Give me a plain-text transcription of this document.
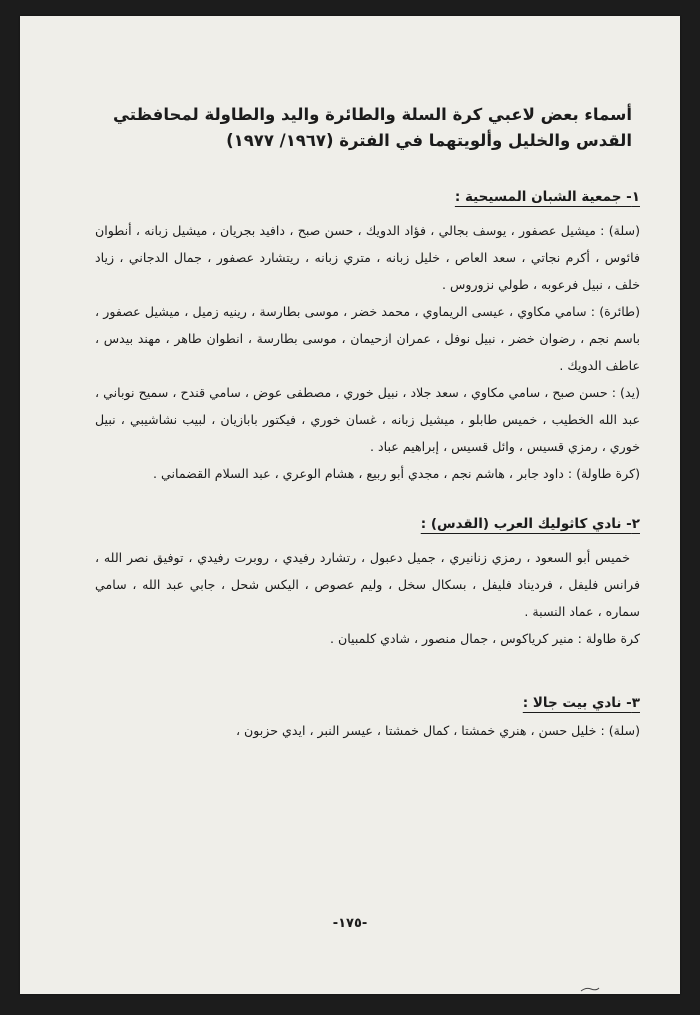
أسماء بعض لاعبي كرة السلة والطائرة واليد والطاولة لمحافظتي
القدس والخليل وألويتهما في الفترة (١٩٦٧/ ١٩٧٧)

١- جمعية الشبان المسيحية :

(سلة) : ميشيل عصفور ، يوسف بجالي ، فؤاد الدويك ، حسن صبح ، دافيد بجريان ، ميشيل زبانه ، أنطوان فائوس ، أكرم نجاتي ، سعد العاص ، خليل زبانه ، متري زبانه ، ريتشارد عصفور ، جمال الدجاني ، زياد خلف ، نبيل فرعوبه ، طولي نزوروس .

(طائرة) : سامي مكاوي ، عيسى الريماوي ، محمد خضر ، موسى بطارسة ، رينيه زميل ، ميشيل عصفور ، باسم نجم ، رضوان خضر ، نبيل نوفل ، عمران ازحيمان ، موسى بطارسة ، انطوان طاهر ، مهند بيدس ، عاطف الدويك .

(يد) : حسن صبح ، سامي مكاوي ، سعد جلاد ، نبيل خوري ، مصطفى عوض ، سامي قندح ، سميح نوباني ، عبد الله الخطيب ، خميس طابلو ، ميشيل زبانه ، غسان خوري ، فيكتور بابازيان ، لبيب نشاشيبي ، نبيل خوري ، رمزي قسيس ، وائل قسيس ، إبراهيم عباد .

(كرة طاولة) : داود جابر ، هاشم نجم ، مجدي أبو ربيع ، هشام الوعري ، عبد السلام القضماني .

٢- نادي كاثوليك العرب (القدس) :

خميس أبو السعود ، رمزي زنانيري ، جميل دعبول ، رتشارد رفيدي ، روبرت رفيدي ، توفيق نصر الله ، فرانس فليفل ، فردیناد فليفل ، بسكال سخل ، وليم عصوص ، اليكس شحل ، جابي عبد الله ، سامي سماره ، عماد النسبة .

كرة طاولة : منير كرياكوس ، جمال منصور ، شادي كلمبيان .

٣- نادي بيت جالا :

(سلة) : خليل حسن ، هنري خمشتا ، كمال خمشتا ، عيسر النبر ، ايدي حزبون ،

-١٧٥-
